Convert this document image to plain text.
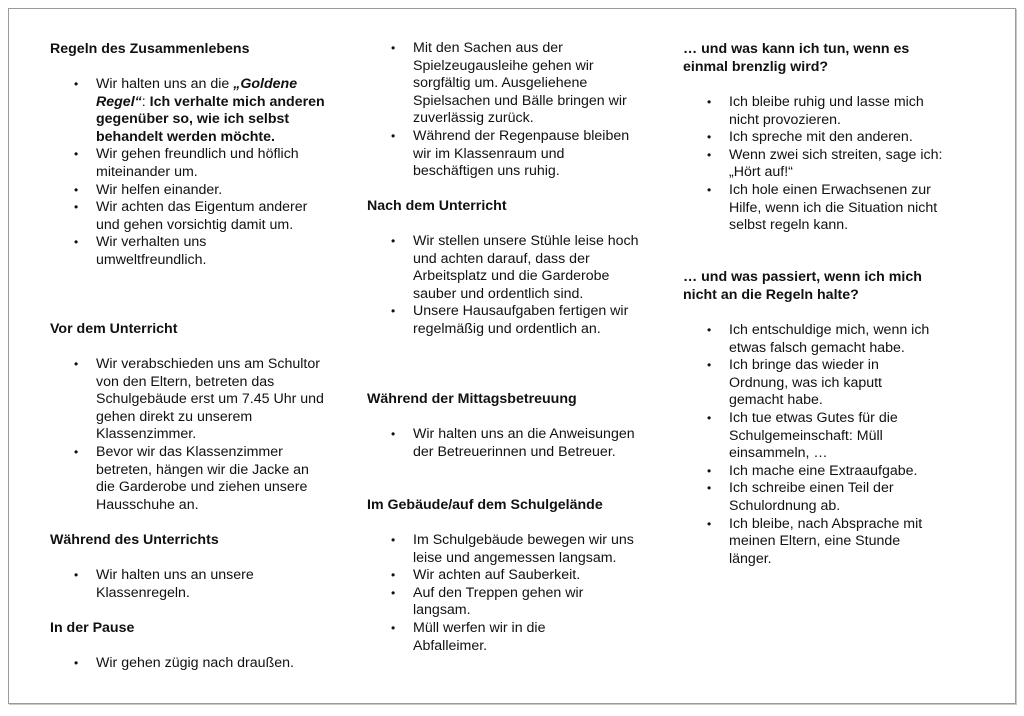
Regeln des Zusammenlebens

•
Wir halten uns an die „Goldene Regel“: Ich verhalte mich anderen gegenüber so, wie ich selbst behandelt werden möchte.
•
Wir gehen freundlich und höflich miteinander um.
•
Wir helfen einander.
•
Wir achten das Eigentum anderer und gehen vorsichtig damit um.
•
Wir verhalten uns umweltfreundlich.

Vor dem Unterricht

•
Wir verabschieden uns am Schultor von den Eltern, betreten das Schulgebäude erst um 7.45 Uhr und gehen direkt zu unserem Klassenzimmer.
•
Bevor wir das Klassenzimmer betreten, hängen wir die Jacke an die Garderobe und ziehen unsere Hausschuhe an.

Während des Unterrichts

•
Wir halten uns an unsere Klassenregeln.

In der Pause

•
Wir gehen zügig nach draußen.
•
Mit den Sachen aus der Spielzeugausleihe gehen wir sorgfältig um. Ausgeliehene Spielsachen und Bälle bringen wir zuverlässig zurück.
•
Während der Regenpause bleiben wir im Klassenraum und beschäftigen uns ruhig.

Nach dem Unterricht

•
Wir stellen unsere Stühle leise hoch und achten darauf, dass der Arbeitsplatz und die Garderobe sauber und ordentlich sind.
•
Unsere Hausaufgaben fertigen wir regelmäßig und ordentlich an.

Während der Mittagsbetreuung

•
Wir halten uns an die Anweisungen der Betreuerinnen und Betreuer.

Im Gebäude/auf dem Schulgelände

•
Im Schulgebäude bewegen wir uns leise und angemessen langsam.
•
Wir achten auf Sauberkeit.
•
Auf den Treppen gehen wir langsam.
•
Müll werfen wir in die Abfalleimer.

… und was kann ich tun, wenn es einmal brenzlig wird?

•
Ich bleibe ruhig und lasse mich nicht provozieren.
•
Ich spreche mit den anderen.
•
Wenn zwei sich streiten, sage ich: „Hört auf!“
•
Ich hole einen Erwachsenen zur Hilfe, wenn ich die Situation nicht selbst regeln kann.

… und was passiert, wenn ich mich nicht an die Regeln halte?

•
Ich entschuldige mich, wenn ich etwas falsch gemacht habe.
•
Ich bringe das wieder in Ordnung, was ich kaputt gemacht habe.
•
Ich tue etwas Gutes für die Schulgemeinschaft: Müll einsammeln, …
•
Ich mache eine Extraaufgabe.
•
Ich schreibe einen Teil der Schulordnung ab.
•
Ich bleibe, nach Absprache mit meinen Eltern, eine Stunde länger.
